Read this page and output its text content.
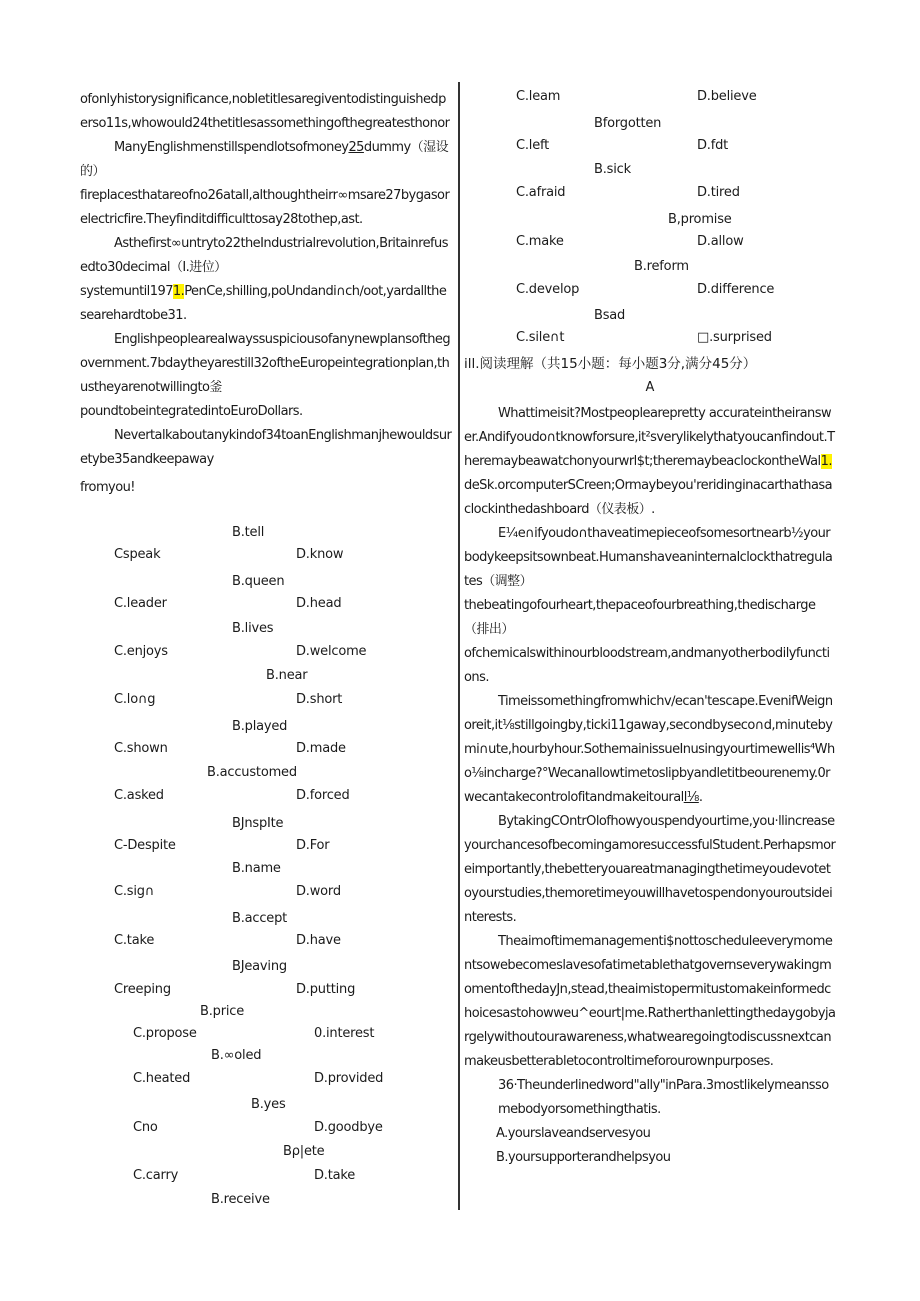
ofonlyhistorysignificance,nobletitlesaregiventodistinguishedperso11s,whowould24thetitlesassomethingofthegreatesthonor

ManyEnglishmenstillspendlotsofmoney25dummy（湿设的）

fireplacesthatareofno26atall,althoughtheirr∞msare27bygasorelectricfire.Theyfinditdifficulttosay28tothep,ast.

Asthefirst∞untryto22theIndustrialrevolution,Britainrefusedto30decimal（I.进位）

systemuntil1971.PenCe,shilling,poUndandi∩ch∕oot,yardallthesearehardtobe31.

Englishpeoplearealwayssuspiciousofanynewplansofthegovernment.7bdaytheyarestill32oftheEuropeintegrationplan,thustheyarenotwillingto釜

poundtobeintegratedintoEuroDollars.

Nevertalkaboutanykindof34toanEnglishmanjhewouldsuretybe35andkeepaway

fromyou!

B.tell
Cspeak	D.know
B.queen
C.leader	D.head
B.lives
C.enjoys	D.welcome
B.near
C.lo∩g	D.short
B.played
C.shown	D.made
B.accustomed
C.asked	D.forced
BJnspIte
C-Despite	D.For
B.name
C.sig∩	D.word
B.accept
C.take	D.have
BJeaving
Creeping	D.putting
B.price
C.propose	0.interest
B.∞oled
C.heated	D.provided
B.yes
Cno	D.goodbye
Bρ|ete
C.carry	D.take
B.receive
C.leam	D.believe
Bforgotten
C.left	D.fdt
B.sick
C.afraid	D.tired
B,promise
C.make	D.allow
B.reform
C.develop	D.difference
Bsad
C.sile∩t	□.surprised

ill.阅读理解（共15小题：每小题3分,满分45分）

A

Whattimeisit?Mostpeoplearepretty accurateintheiranswer.Andifyoudo∩tknowforsure,it²sverylikelythatyoucanfindout.Theremaybeawatchonyourwrl$t;theremaybeaclockontheWal1.deSk.orcomputerSCreen;Ormaybeyou'reridinginacarthathasaclockinthedashboard（仪表板）.

E¼e∩ifyoudo∩thaveatimepieceofsomesortnearb½yourbodykeepsitsownbeat.Humanshaveaninternalclockthatregulates（调整）

thebeatingofourheart,thepaceofourbreathing,thedischarge（排出）

ofchemicalswithinourbloodstream,andmanyotherbodilyfunctions.

Timeissomethingfromwhichv∕ecan'tescape.EvenifWeignoreit,it⅛stillgoingby,ticki11gaway,secondbyseco∩d,minutebymi∩ute,hourbyhour.SothemainissueInusingyourtimewellis⁴Who⅛incharge?°Wecanallowtimetoslipbyandletitbeourenemy.0rwecantakecontrolofitandmakeitourall⅛.

BytakingCOntrOlofhowyouspendyourtime,you·llincreaseyourchancesofbecomingamoresuccessfulStudent.Perhapsmoreimportantly,thebetteryouareatmanagingthetimeyoudevotetoyourstudies,themoretimeyouwillhavetospendonyouroutsideinterests.

Theaimoftimemanagementi$nottoscheduleeverymomentsowebecomeslavesofatimetablethatgovernseverywakingmomentofthedayJn,stead,theaimistopermitustomakeinformedchoicesastohowweu^eourt|me.Ratherthanlettingthedaygobyjargelywithoutourawareness,whatwearegoingtodiscussnextcanmakeusbetterabletocontroltimeforourownpurposes.

36·Theunderlinedword"ally"inPara.3mostlikelymeanssomebodyorsomethingthatis.

A.yourslaveandservesyou

B.yoursupporterandhelpsyou
